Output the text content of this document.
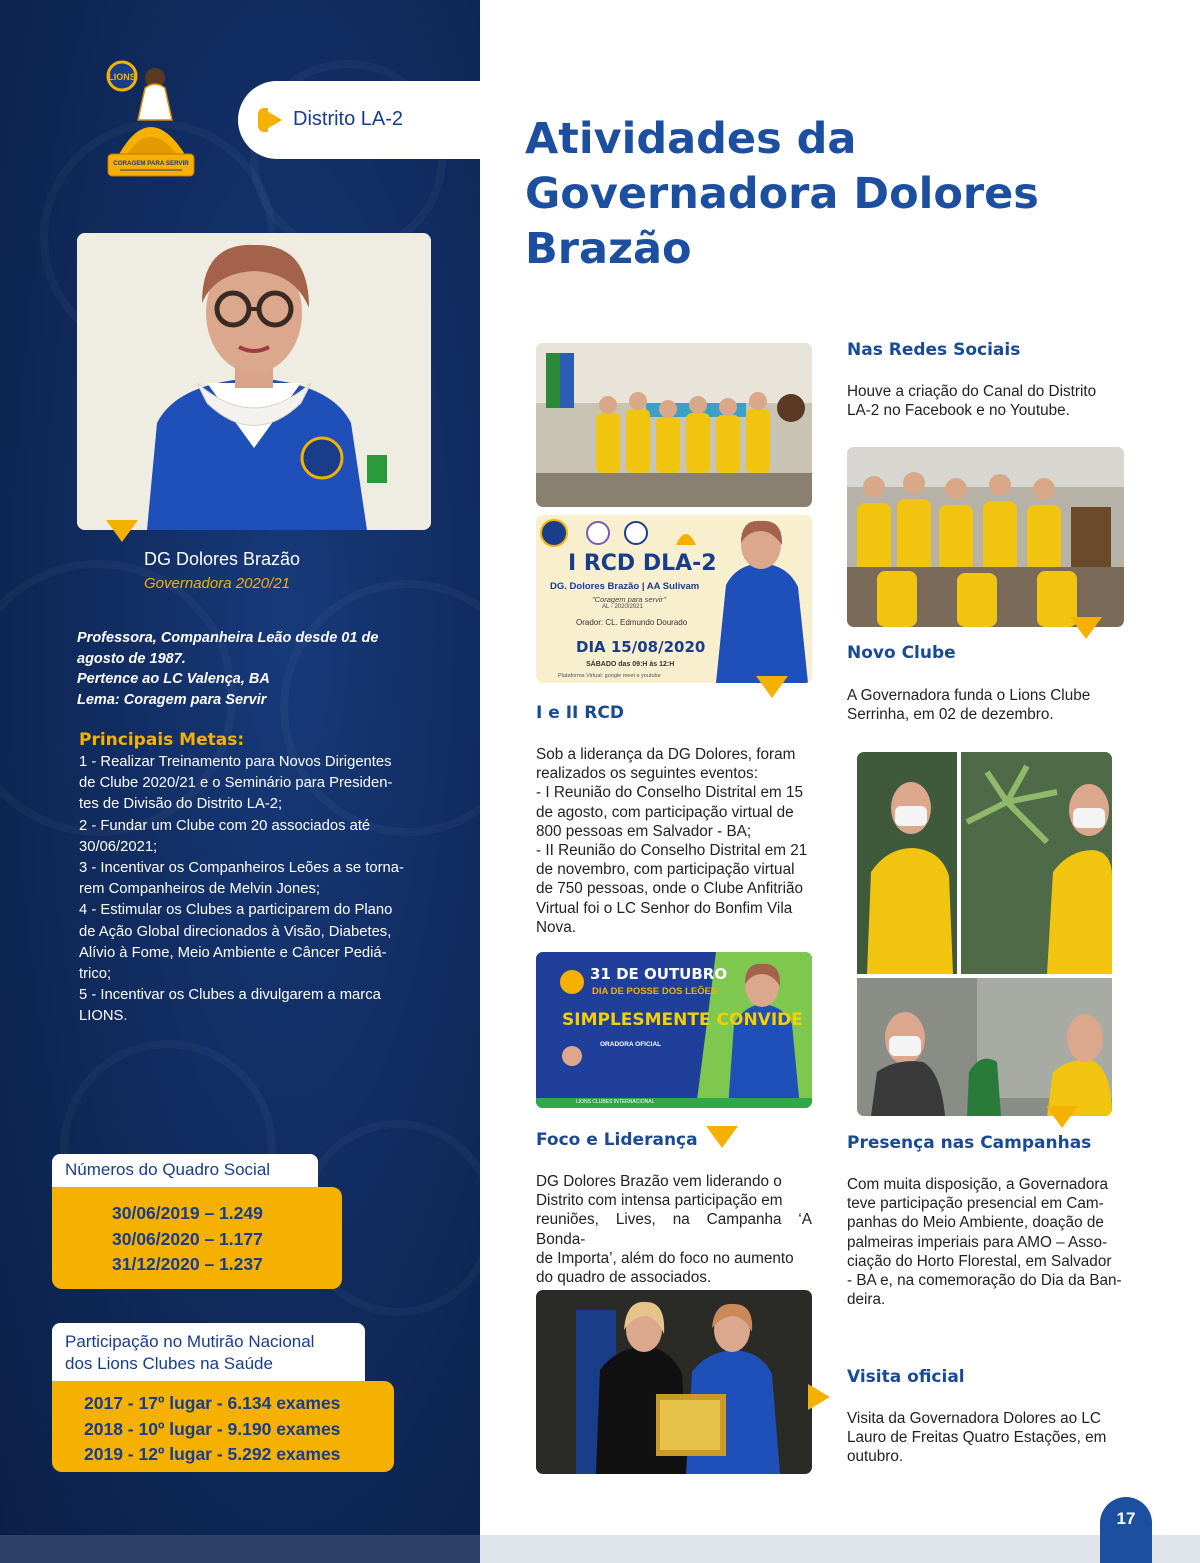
LIONS
CORAGEM PARA SERVIR
Distrito LA-2	Atividades da
Governadora Dolores
Brazão
DG Dolores Brazão
Governadora 2020/21
Professora, Companheira Leão desde 01 de
agosto de 1987.
Pertence ao LC Valença, BA
Lema: Coragem para Servir
Principais Metas:
1 - Realizar Treinamento para Novos Dirigentes
de Clube 2020/21 e o Seminário para Presiden-
tes de Divisão do Distrito LA-2;
2 - Fundar um Clube com 20 associados até
30/06/2021;
3 - Incentivar os Companheiros Leões a se torna-
rem Companheiros de Melvin Jones;
4 - Estimular os Clubes a participarem do Plano
de Ação Global direcionados à Visão, Diabetes,
Alívio à Fome, Meio Ambiente e Câncer Pediá-
trico;
5 - Incentivar os Clubes a divulgarem a marca
LIONS.
Números do Quadro Social
30/06/2019 – 1.249
30/06/2020 – 1.177
31/12/2020 – 1.237
Participação no Mutirão Nacional
dos Lions Clubes na Saúde
2017 - 17º lugar - 6.134 exames
2018 - 10º lugar - 9.190 exames
2019 - 12º lugar - 5.292 exames
I RCD DLA-2
DG. Dolores Brazão | AA Sulivam
"Coragem para servir"
AL - 2020/2021
Orador: CL. Edmundo Dourado
DIA 15/08/2020
SÁBADO das 09:H às 12:H
Plataforma Virtual: google meet e youtube
I e II RCD
Sob a liderança da DG Dolores, foram
realizados os seguintes eventos:
- I Reunião do Conselho Distrital em 15
de agosto, com participação virtual de
800 pessoas em Salvador - BA;
- II Reunião do Conselho Distrital em 21
de novembro, com participação virtual
de 750 pessoas, onde o Clube Anfitrião
Virtual foi o LC Senhor do Bonfim Vila
Nova.
31 DE OUTUBRO
DIA DE POSSE DOS LEÕES
SIMPLESMENTE CONVIDE
ORADORA OFICIAL
LIONS CLUBES INTERNACIONAL
Foco e Liderança
DG Dolores Brazão vem liderando o
Distrito com intensa participação em
reuniões, Lives, na Campanha ‘A Bonda-
de Importa’, além do foco no aumento
do quadro de associados.
Nas Redes Sociais
Houve a criação do Canal do Distrito
LA-2 no Facebook e no Youtube.
Novo Clube
A Governadora funda o Lions Clube
Serrinha, em 02 de dezembro.
Presença nas Campanhas
Com muita disposição, a Governadora
teve participação presencial em Cam-
panhas do Meio Ambiente, doação de
palmeiras imperiais para AMO – Asso-
ciação do Horto Florestal, em Salvador
- BA e, na comemoração do Dia da Ban-
deira.
Visita oficial
Visita da Governadora Dolores ao LC
Lauro de Freitas Quatro Estações, em
outubro.
17
